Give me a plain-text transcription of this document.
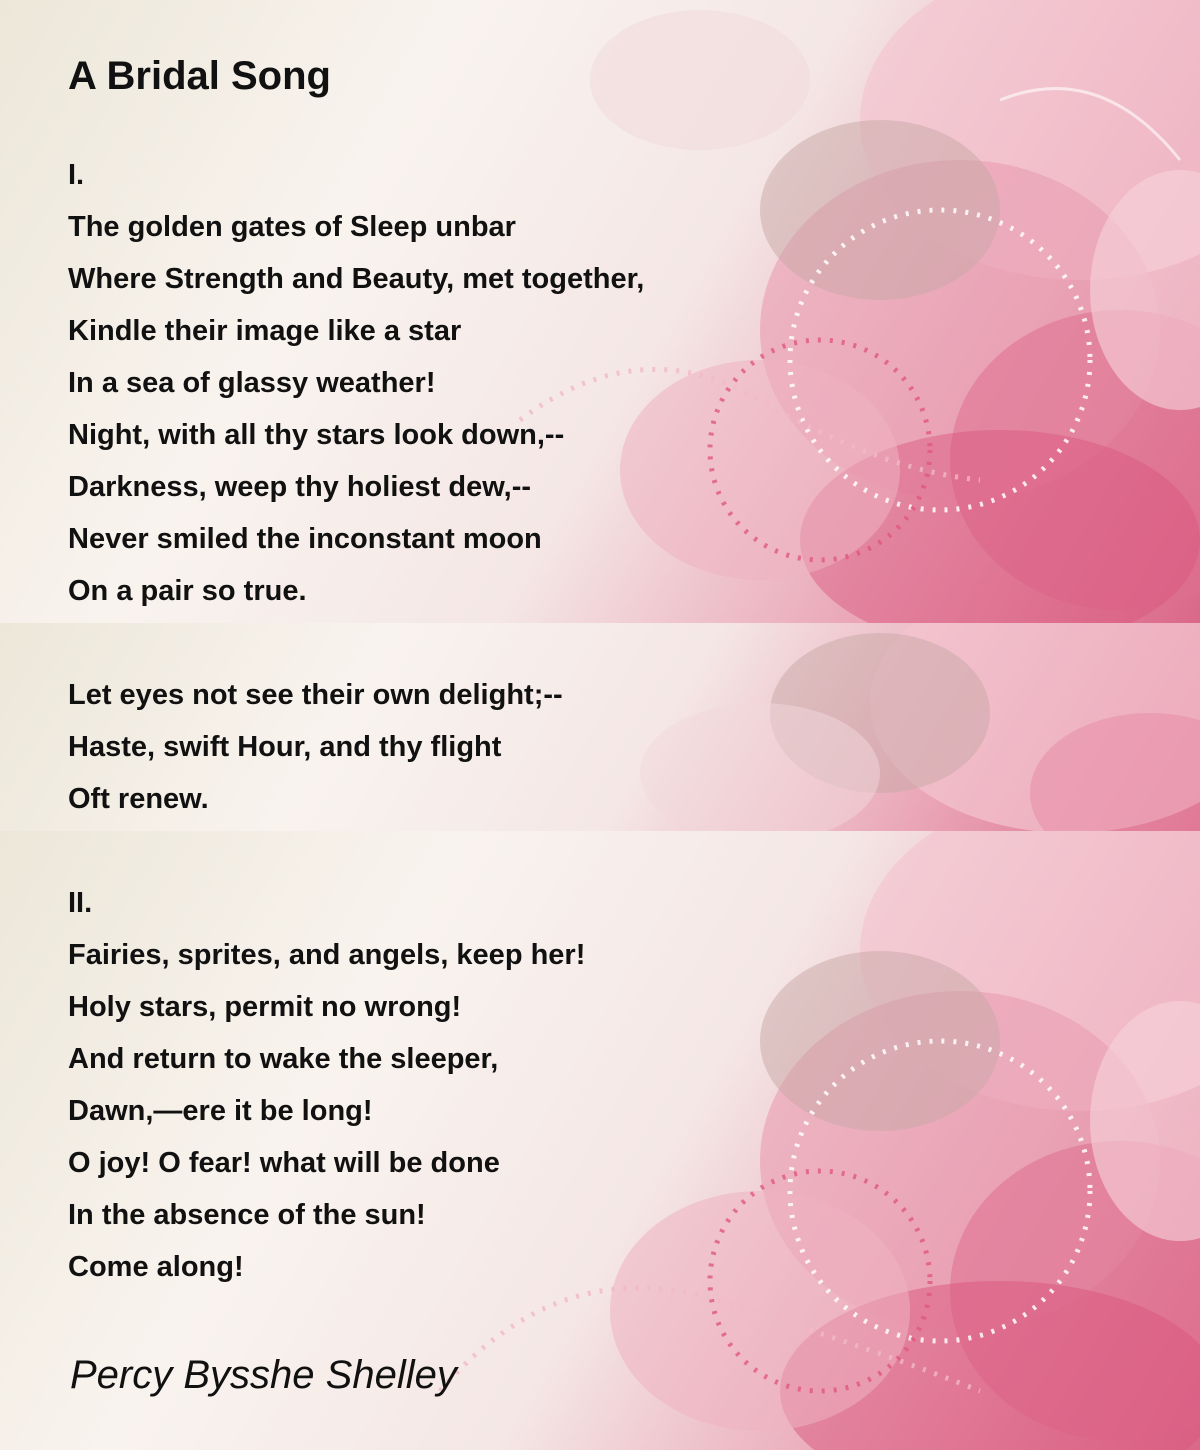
A Bridal Song
I.
The golden gates of Sleep unbar
Where Strength and Beauty, met together,
Kindle their image like a star
In a sea of glassy weather!
Night, with all thy stars look down,--
Darkness, weep thy holiest dew,--
Never smiled the inconstant moon
On a pair so true.
Let eyes not see their own delight;--
Haste, swift Hour, and thy flight
Oft renew.
II.
Fairies, sprites, and angels, keep her!
Holy stars, permit no wrong!
And return to wake the sleeper,
Dawn,—ere it be long!
O joy! O fear! what will be done
In the absence of the sun!
Come along!
Percy Bysshe Shelley
